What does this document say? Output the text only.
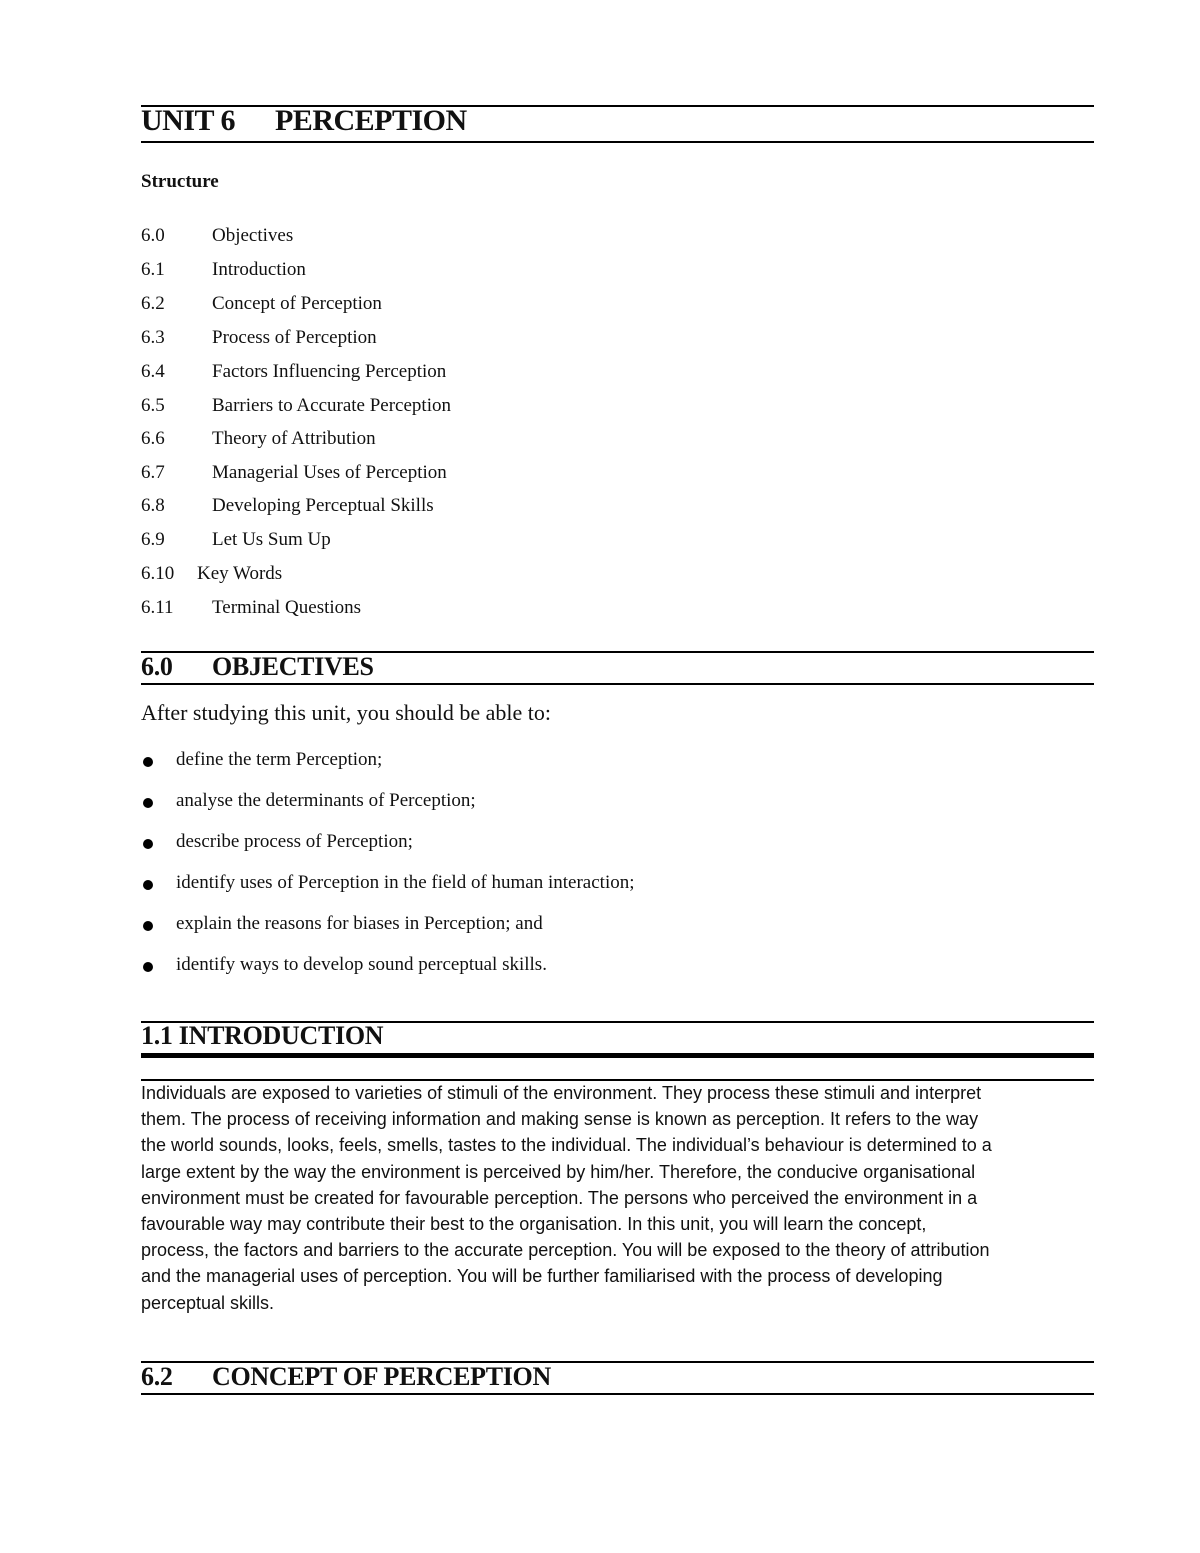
UNIT 6 PERCEPTION
Structure
6.0 Objectives
6.1 Introduction
6.2 Concept of Perception
6.3 Process of Perception
6.4 Factors Influencing Perception
6.5 Barriers to Accurate Perception
6.6 Theory of Attribution
6.7 Managerial Uses of Perception
6.8 Developing Perceptual Skills
6.9 Let Us Sum Up
6.10 Key Words
6.11 Terminal Questions
6.0 OBJECTIVES
After studying this unit, you should be able to:
define the term Perception;
analyse the determinants of Perception;
describe process of Perception;
identify uses of Perception in the field of human interaction;
explain the reasons for biases in Perception; and
identify ways to develop sound perceptual skills.
1.1 INTRODUCTION
Individuals are exposed to varieties of stimuli of the environment. They process these stimuli and interpret
them. The process of receiving information and making sense is known as perception. It refers to the way
the world sounds, looks, feels, smells, tastes to the individual. The individual’s behaviour is determined to a
large extent by the way the environment is perceived by him/her. Therefore, the conducive organisational
environment must be created for favourable perception. The persons who perceived the environment in a
favourable way may contribute their best to the organisation. In this unit, you will learn the concept,
process, the factors and barriers to the accurate perception. You will be exposed to the theory of attribution
and the managerial uses of perception. You will be further familiarised with the process of developing
perceptual skills.
6.2 CONCEPT OF PERCEPTION
